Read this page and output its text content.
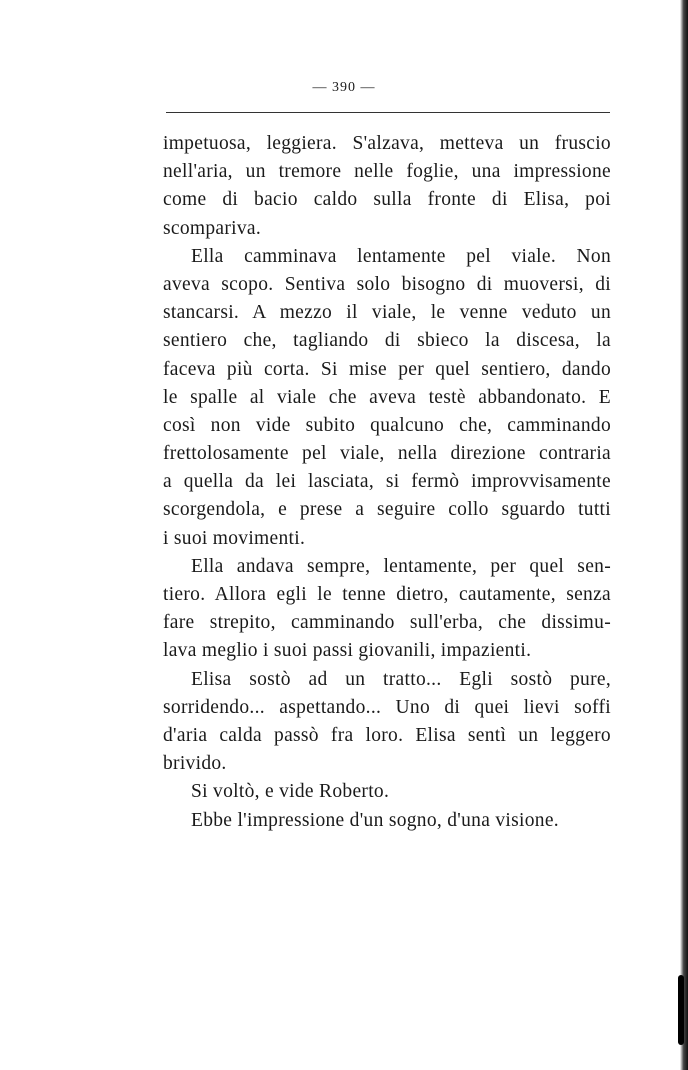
— 390 —
impetuosa, leggiera. S'alzava, metteva un fruscio
nell'aria, un tremore nelle foglie, una impressione
come di bacio caldo sulla fronte di Elisa, poi
scompariva.
Ella camminava lentamente pel viale. Non
aveva scopo. Sentiva solo bisogno di muoversi, di
stancarsi. A mezzo il viale, le venne veduto un
sentiero che, tagliando di sbieco la discesa, la
faceva più corta. Si mise per quel sentiero, dando
le spalle al viale che aveva testè abbandonato. E
così non vide subito qualcuno che, camminando
frettolosamente pel viale, nella direzione contraria
a quella da lei lasciata, si fermò improvvisamente
scorgendola, e prese a seguire collo sguardo tutti
i suoi movimenti.
Ella andava sempre, lentamente, per quel sen-
tiero. Allora egli le tenne dietro, cautamente, senza
fare strepito, camminando sull'erba, che dissimu-
lava meglio i suoi passi giovanili, impazienti.
Elisa sostò ad un tratto... Egli sostò pure,
sorridendo... aspettando... Uno di quei lievi soffi
d'aria calda passò fra loro. Elisa sentì un leggero
brivido.
Si voltò, e vide Roberto.
Ebbe l'impressione d'un sogno, d'una visione.
